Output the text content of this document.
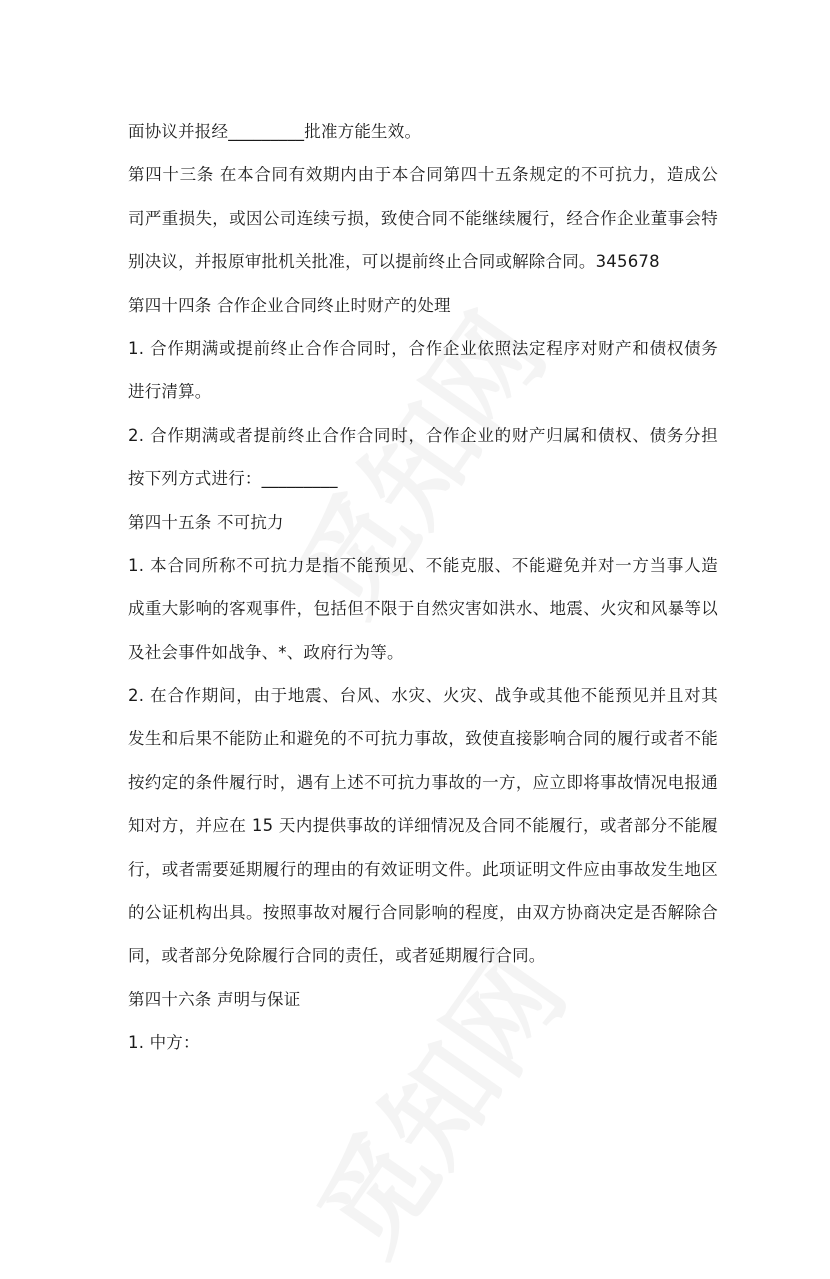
面协议并报经_________批准方能生效。
第四十三条 在本合同有效期内由于本合同第四十五条规定的不可抗力，造成公
司严重损失，或因公司连续亏损，致使合同不能继续履行，经合作企业董事会特
别决议，并报原审批机关批准，可以提前终止合同或解除合同。345678
第四十四条 合作企业合同终止时财产的处理
1. 合作期满或提前终止合作合同时，合作企业依照法定程序对财产和债权债务
进行清算。
2. 合作期满或者提前终止合作合同时，合作企业的财产归属和债权、债务分担
按下列方式进行：_________
第四十五条 不可抗力
1. 本合同所称不可抗力是指不能预见、不能克服、不能避免并对一方当事人造
成重大影响的客观事件，包括但不限于自然灾害如洪水、地震、火灾和风暴等以
及社会事件如战争、*、政府行为等。
2. 在合作期间，由于地震、台风、水灾、火灾、战争或其他不能预见并且对其
发生和后果不能防止和避免的不可抗力事故，致使直接影响合同的履行或者不能
按约定的条件履行时，遇有上述不可抗力事故的一方，应立即将事故情况电报通
知对方，并应在 15 天内提供事故的详细情况及合同不能履行，或者部分不能履
行，或者需要延期履行的理由的有效证明文件。此项证明文件应由事故发生地区
的公证机构出具。按照事故对履行合同影响的程度，由双方协商决定是否解除合
同，或者部分免除履行合同的责任，或者延期履行合同。
第四十六条 声明与保证
1. 中方：
